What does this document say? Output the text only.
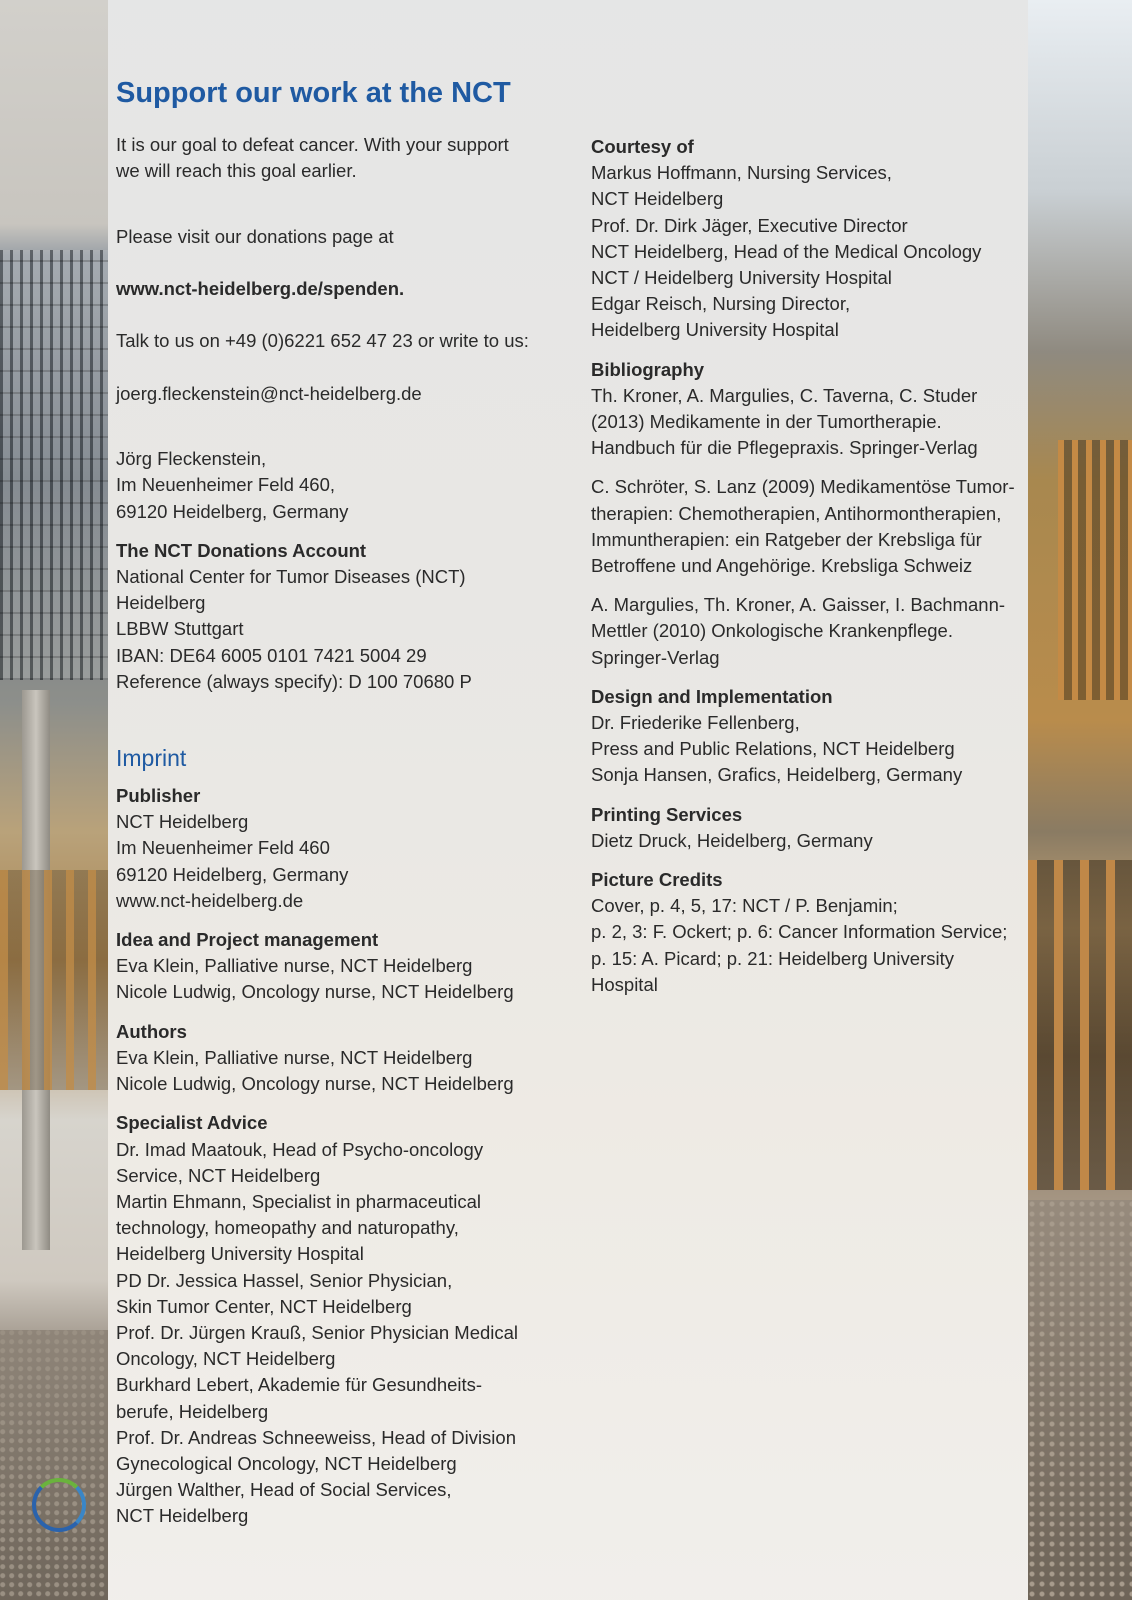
Support our work at the NCT
It is our goal to defeat cancer. With your support
we will reach this goal earlier.

Please visit our donations page at

www.nct-heidelberg.de/spenden.

Talk to us on +49 (0)6221 652 47 23 or write to us:

joerg.fleckenstein@nct-heidelberg.de

Jörg Fleckenstein,
Im Neuenheimer Feld 460,
69120 Heidelberg, Germany
The NCT Donations Account
National Center for Tumor Diseases (NCT)
Heidelberg
LBBW Stuttgart
IBAN: DE64 6005 0101 7421 5004 29
Reference (always specify): D 100 70680 P
Imprint
Publisher
NCT Heidelberg
Im Neuenheimer Feld 460
69120 Heidelberg, Germany
www.nct-heidelberg.de
Idea and Project management
Eva Klein, Palliative nurse, NCT Heidelberg
Nicole Ludwig, Oncology nurse, NCT Heidelberg
Authors
Eva Klein, Palliative nurse, NCT Heidelberg
Nicole Ludwig, Oncology nurse, NCT Heidelberg
Specialist Advice
Dr. Imad Maatouk, Head of Psycho-oncology
Service, NCT Heidelberg
Martin Ehmann, Specialist in pharmaceutical
technology, homeopathy and naturopathy,
Heidelberg University Hospital
PD Dr. Jessica Hassel, Senior Physician,
Skin Tumor Center, NCT Heidelberg
Prof. Dr. Jürgen Krauß, Senior Physician Medical
Oncology, NCT Heidelberg
Burkhard Lebert, Akademie für Gesundheits-
berufe, Heidelberg
Prof. Dr. Andreas Schneeweiss, Head of Division
Gynecological Oncology, NCT Heidelberg
Jürgen Walther, Head of Social Services,
NCT Heidelberg
Courtesy of
Markus Hoffmann, Nursing Services,
NCT Heidelberg
Prof. Dr. Dirk Jäger, Executive Director
NCT Heidelberg, Head of the Medical Oncology
NCT / Heidelberg University Hospital
Edgar Reisch, Nursing Director,
Heidelberg University Hospital
Bibliography
Th. Kroner, A. Margulies, C. Taverna, C. Studer
(2013) Medikamente in der Tumortherapie.
Handbuch für die Pflegepraxis. Springer-Verlag
C. Schröter, S. Lanz (2009) Medikamentöse Tumor-
therapien: Chemotherapien, Antihormontherapien,
Immuntherapien: ein Ratgeber der Krebsliga für
Betroffene und Angehörige. Krebsliga Schweiz
A. Margulies, Th. Kroner, A. Gaisser, I. Bachmann-
Mettler (2010) Onkologische Krankenpflege.
Springer-Verlag
Design and Implementation
Dr. Friederike Fellenberg,
Press and Public Relations, NCT Heidelberg
Sonja Hansen, Grafics, Heidelberg, Germany
Printing Services
Dietz Druck, Heidelberg, Germany
Picture Credits
Cover, p. 4, 5, 17: NCT / P. Benjamin;
p. 2, 3: F. Ockert; p. 6: Cancer Information Service;
p. 15: A. Picard; p. 21: Heidelberg University
Hospital
